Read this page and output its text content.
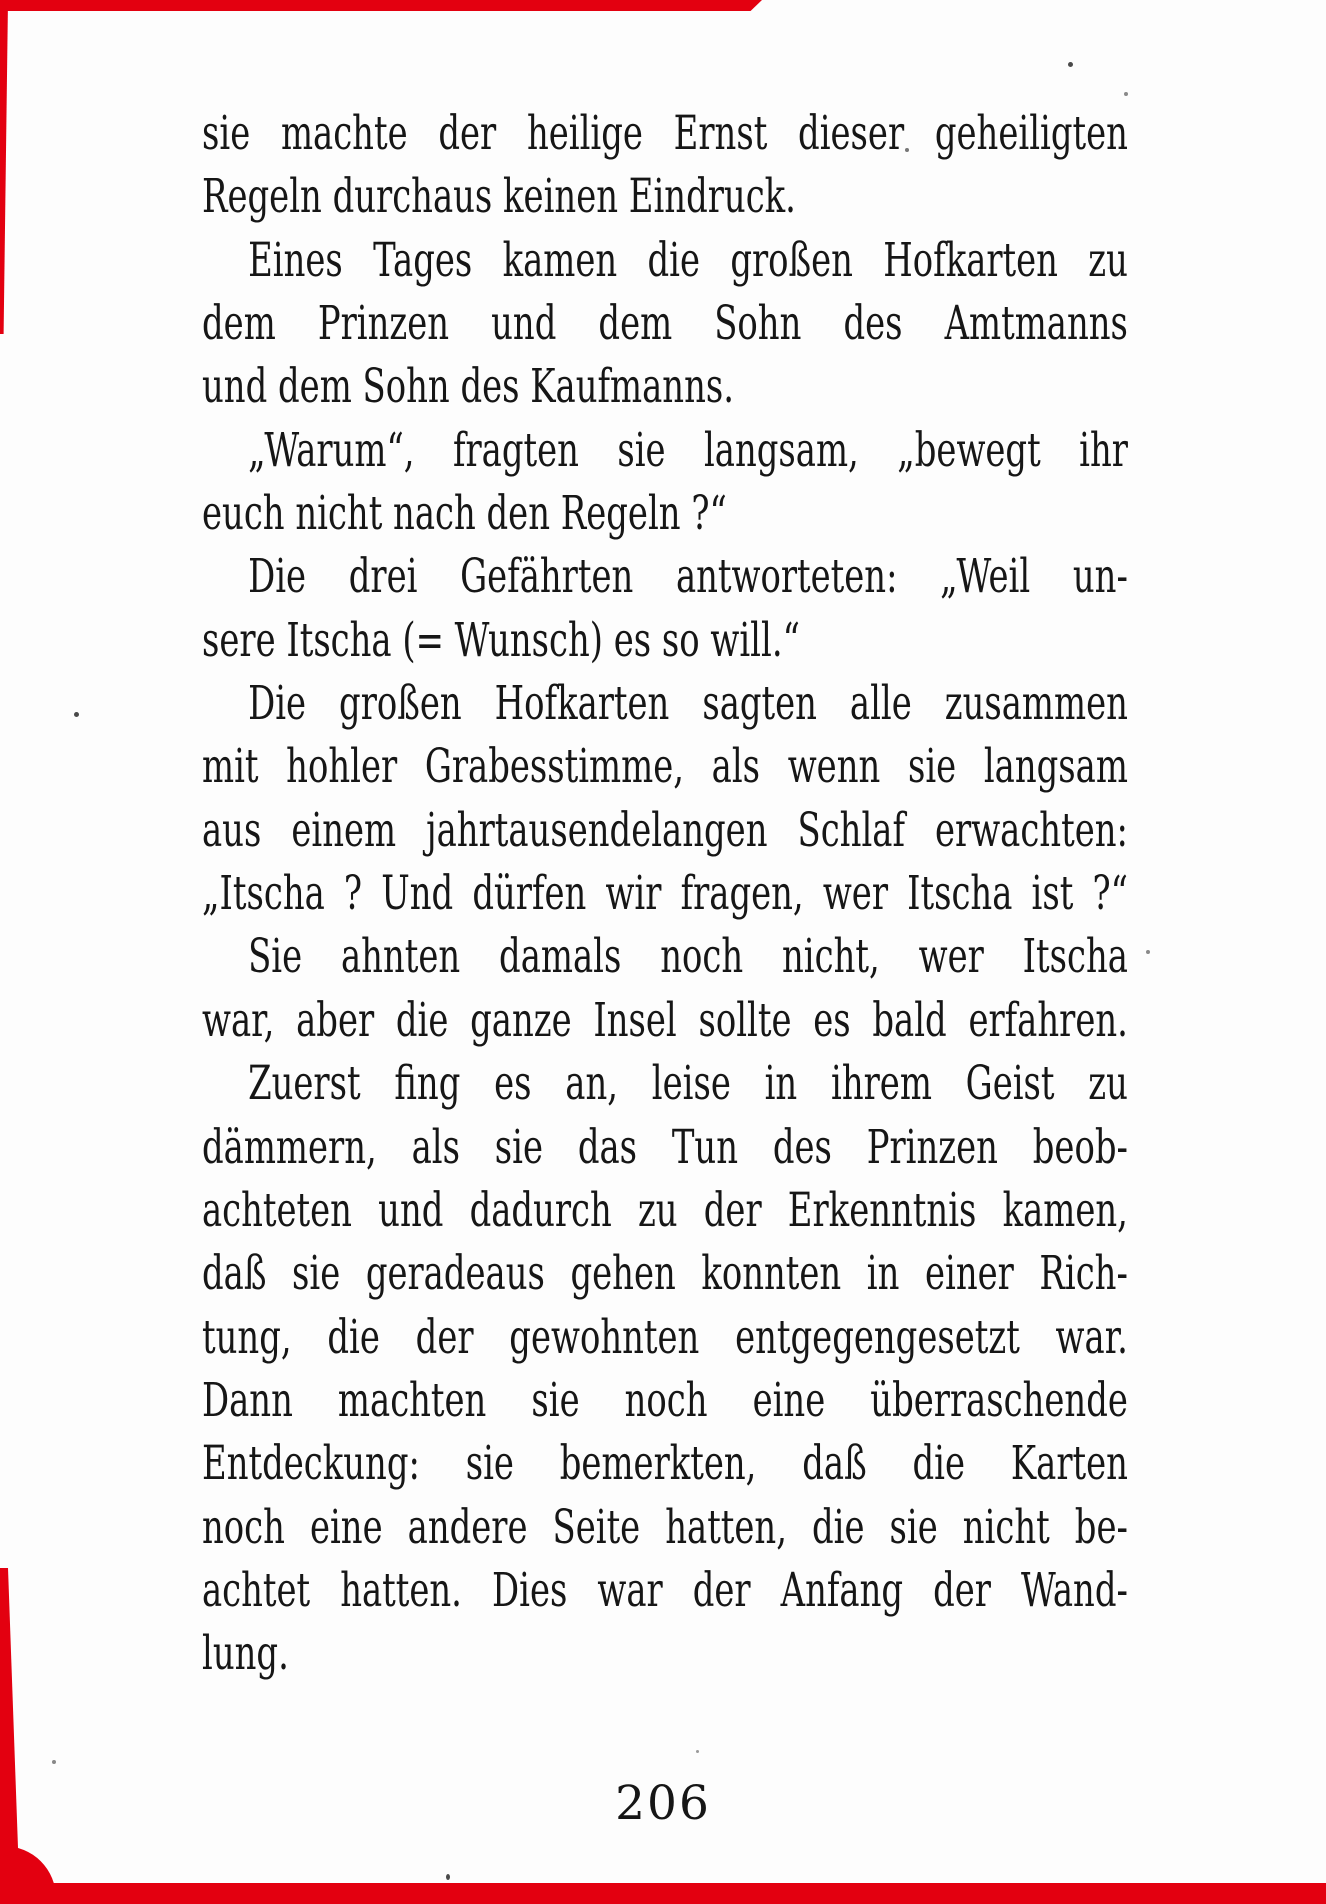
sie machte der heilige Ernst dieser geheiligten
Regeln durchaus keinen Eindruck.
Eines Tages kamen die großen Hofkarten zu
dem Prinzen und dem Sohn des Amtmanns
und dem Sohn des Kaufmanns.
„Warum“, fragten sie langsam, „bewegt ihr
euch nicht nach den Regeln ?“
Die drei Gefährten antworteten: „Weil un-
sere Itscha (= Wunsch) es so will.“
Die großen Hofkarten sagten alle zusammen
mit hohler Grabesstimme, als wenn sie langsam
aus einem jahrtausendelangen Schlaf erwachten:
„Itscha ? Und dürfen wir fragen, wer Itscha ist ?“
Sie ahnten damals noch nicht, wer Itscha
war, aber die ganze Insel sollte es bald erfahren.
Zuerst fing es an, leise in ihrem Geist zu
dämmern, als sie das Tun des Prinzen beob-
achteten und dadurch zu der Erkenntnis kamen,
daß sie geradeaus gehen konnten in einer Rich-
tung, die der gewohnten entgegengesetzt war.
Dann machten sie noch eine überraschende
Entdeckung: sie bemerkten, daß die Karten
noch eine andere Seite hatten, die sie nicht be-
achtet hatten. Dies war der Anfang der Wand-
lung.
206
